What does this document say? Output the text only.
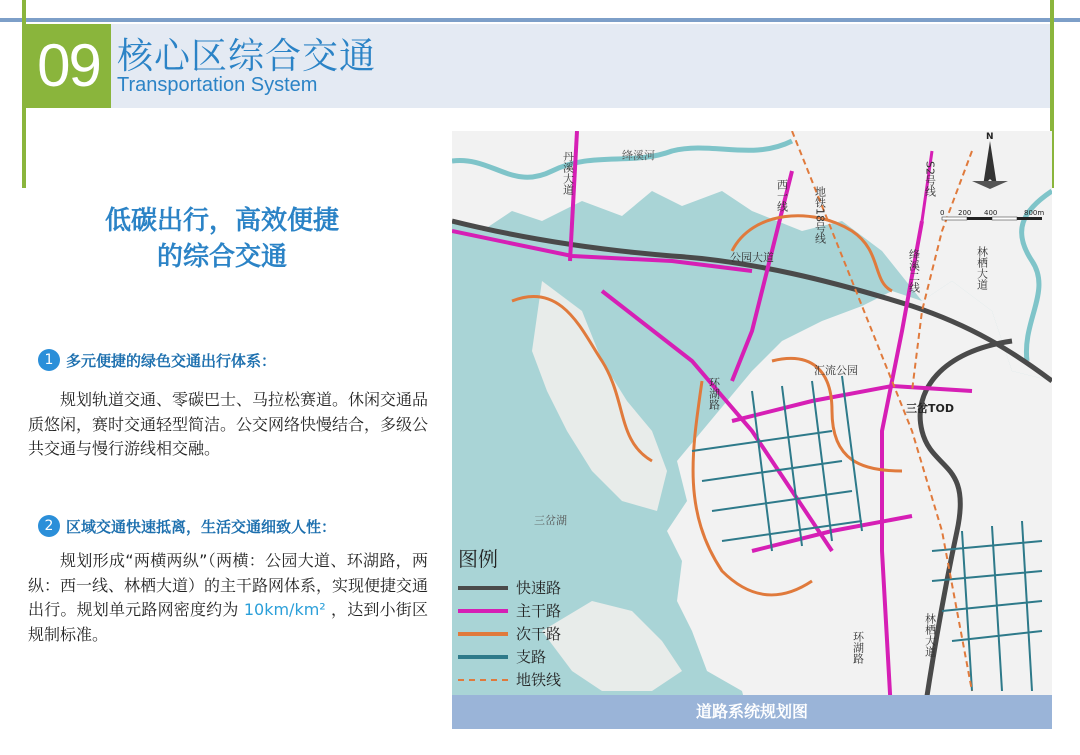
09 核心区综合交通
Transportation System
低碳出行，高效便捷
的综合交通
1 多元便捷的绿色交通出行体系：
规划轨道交通、零碳巴士、马拉松赛道。休闲交通品质悠闲，赛时交通轻型简洁。公交网络快慢结合，多级公共交通与慢行游线相交融。
2 区域交通快速抵离，生活交通细致人性：
规划形成“两横两纵”（两横：公园大道、环湖路，两纵：西一线、林栖大道）的主干路网体系，实现便捷交通出行。规划单元路网密度约为 10km/km² ，达到小街区规制标准。
丹溪大道	绛溪河
西一线 地铁18号线
S2号线
公园大道	绛溪二线	林栖大道
汇流公园
环湖路	三岔TOD
三岔湖
环湖路	林栖大道
N
0 200 400	800m
图例
快速路
主干路
次干路
支路
地铁线
道路系统规划图
